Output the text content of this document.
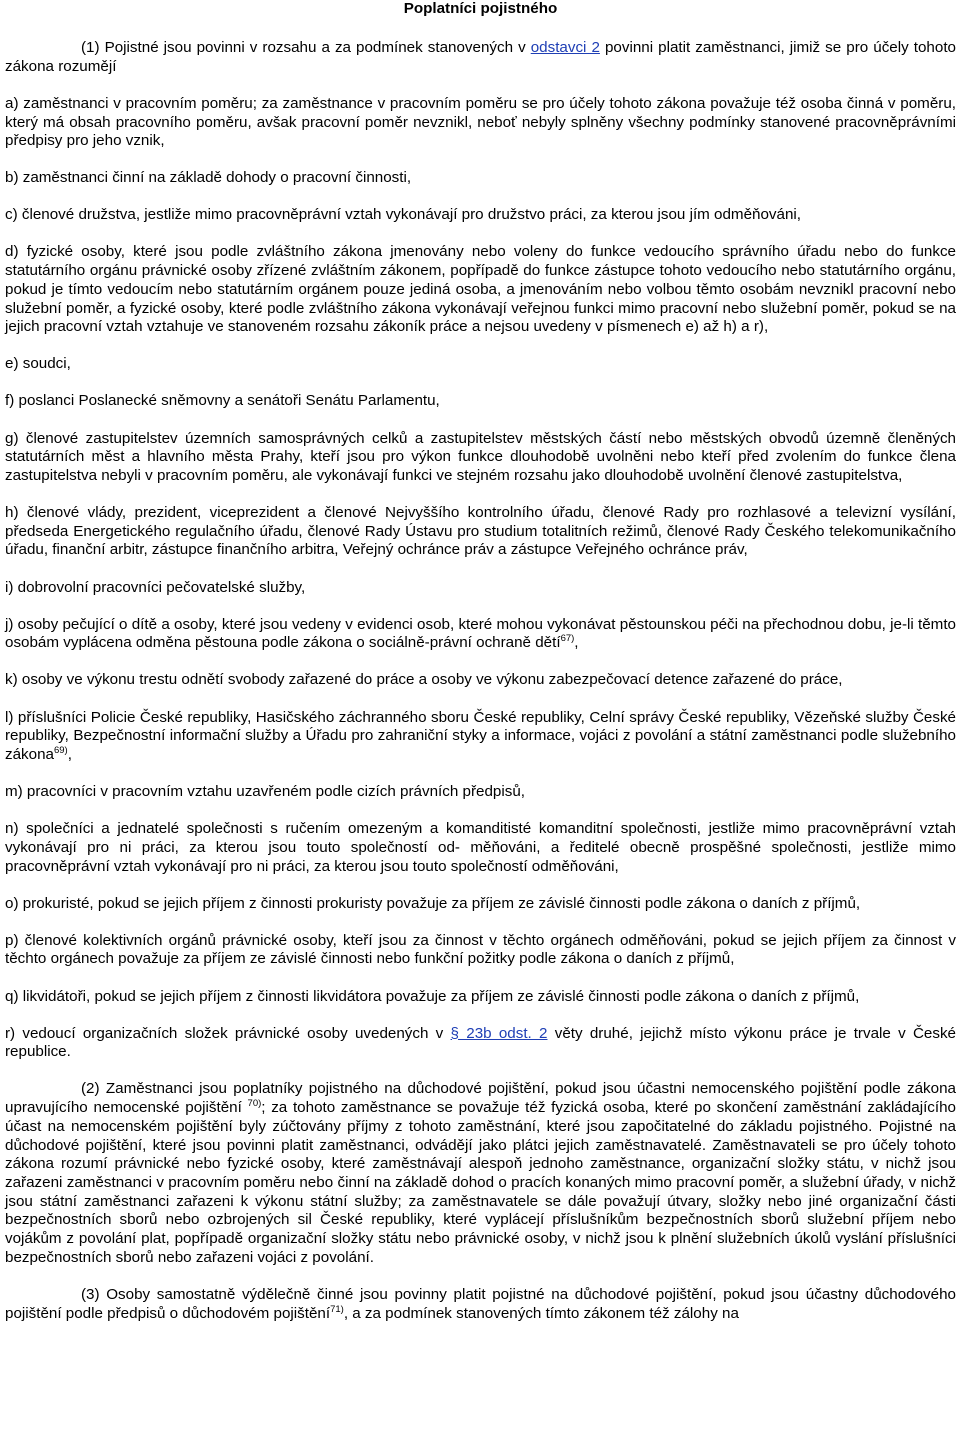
Poplatníci pojistného

(1) Pojistné jsou povinni v rozsahu a za podmínek stanovených v odstavci 2 povinni platit zaměstnanci, jimiž se pro účely tohoto zákona rozumějí

a) zaměstnanci v pracovním poměru; za zaměstnance v pracovním poměru se pro účely tohoto zákona považuje též osoba činná v poměru, který má obsah pracovního poměru, avšak pracovní poměr nevznikl, neboť nebyly splněny všechny podmínky stanovené pracovněprávními předpisy pro jeho vznik,

b) zaměstnanci činní na základě dohody o pracovní činnosti,

c) členové družstva, jestliže mimo pracovněprávní vztah vykonávají pro družstvo práci, za kterou jsou jím odměňováni,

d) fyzické osoby, které jsou podle zvláštního zákona jmenovány nebo voleny do funkce vedoucího správního úřadu nebo do funkce statutárního orgánu právnické osoby zřízené zvláštním zákonem, popřípadě do funkce zástupce tohoto vedoucího nebo statutárního orgánu, pokud je tímto vedoucím nebo statutárním orgánem pouze jediná osoba, a jmenováním nebo volbou těmto osobám nevznikl pracovní nebo služební poměr, a fyzické osoby, které podle zvláštního zákona vykonávají veřejnou funkci mimo pracovní nebo služební poměr, pokud se na jejich pracovní vztah vztahuje ve stanoveném rozsahu zákoník práce a nejsou uvedeny v písmenech e) až h) a r),

e) soudci,

f) poslanci Poslanecké sněmovny a senátoři Senátu Parlamentu,

g) členové zastupitelstev územních samosprávných celků a zastupitelstev městských částí nebo městských obvodů územně členěných statutárních měst a hlavního města Prahy, kteří jsou pro výkon funkce dlouhodobě uvolněni nebo kteří před zvolením do funkce člena zastupitelstva nebyli v pracovním poměru, ale vykonávají funkci ve stejném rozsahu jako dlouhodobě uvolnění členové zastupitelstva,

h) členové vlády, prezident, viceprezident a členové Nejvyššího kontrolního úřadu, členové Rady pro rozhlasové a televizní vysílání, předseda Energetického regulačního úřadu, členové Rady Ústavu pro studium totalitních režimů, členové Rady Českého telekomunikačního úřadu, finanční arbitr, zástupce finančního arbitra, Veřejný ochránce práv a zástupce Veřejného ochránce práv,

i) dobrovolní pracovníci pečovatelské služby,

j) osoby pečující o dítě a osoby, které jsou vedeny v evidenci osob, které mohou vykonávat pěstounskou péči na přechodnou dobu, je-li těmto osobám vyplácena odměna pěstouna podle zákona o sociálně-právní ochraně dětí$^{67)}$,

k) osoby ve výkonu trestu odnětí svobody zařazené do práce a osoby ve výkonu zabezpečovací detence zařazené do práce,

l) příslušníci Policie České republiky, Hasičského záchranného sboru České republiky, Celní správy České republiky, Vězeňské služby České republiky, Bezpečnostní informační služby a Úřadu pro zahraniční styky a informace, vojáci z povolání a státní zaměstnanci podle služebního zákona$^{69)}$,

m) pracovníci v pracovním vztahu uzavřeném podle cizích právních předpisů,

n) společníci a jednatelé společnosti s ručením omezeným a komanditisté komanditní společnosti, jestliže mimo pracovněprávní vztah vykonávají pro ni práci, za kterou jsou touto společností od- měňováni, a ředitelé obecně prospěšné společnosti, jestliže mimo pracovněprávní vztah vykonávají pro ni práci, za kterou jsou touto společností odměňováni,

o) prokuristé, pokud se jejich příjem z činnosti prokuristy považuje za příjem ze závislé činnosti podle zákona o daních z příjmů,

p) členové kolektivních orgánů právnické osoby, kteří jsou za činnost v těchto orgánech odměňováni, pokud se jejich příjem za činnost v těchto orgánech považuje za příjem ze závislé činnosti nebo funkční požitky podle zákona o daních z příjmů,

q) likvidátoři, pokud se jejich příjem z činnosti likvidátora považuje za příjem ze závislé činnosti podle zákona o daních z příjmů,

r) vedoucí organizačních složek právnické osoby uvedených v § 23b odst. 2 věty druhé, jejichž místo výkonu práce je trvale v České republice.

(2) Zaměstnanci jsou poplatníky pojistného na důchodové pojištění, pokud jsou účastni nemocenského pojištění podle zákona upravujícího nemocenské pojištění $^{70)}$; za tohoto zaměstnance se považuje též fyzická osoba, které po skončení zaměstnání zakládajícího účast na nemocenském pojištění byly zúčtovány příjmy z tohoto zaměstnání, které jsou započitatelné do základu pojistného. Pojistné na důchodové pojištění, které jsou povinni platit zaměstnanci, odvádějí jako plátci jejich zaměstnavatelé. Zaměstnavateli se pro účely tohoto zákona rozumí právnické nebo fyzické osoby, které zaměstnávají alespoň jednoho zaměstnance, organizační složky státu, v nichž jsou zařazeni zaměstnanci v pracovním poměru nebo činní na základě dohod o pracích konaných mimo pracovní poměr, a služební úřady, v nichž jsou státní zaměstnanci zařazeni k výkonu státní služby; za zaměstnavatele se dále považují útvary, složky nebo jiné organizační části bezpečnostních sborů nebo ozbrojených sil České republiky, které vyplácejí příslušníkům bezpečnostních sborů služební příjem nebo vojákům z povolání plat, popřípadě organizační složky státu nebo právnické osoby, v nichž jsou k plnění služebních úkolů vyslání příslušníci bezpečnostních sborů nebo zařazeni vojáci z povolání.

(3) Osoby samostatně výdělečně činné jsou povinny platit pojistné na důchodové pojištění, pokud jsou účastny důchodového pojištění podle předpisů o důchodovém pojištění$^{71)}$, a za podmínek stanovených tímto zákonem též zálohy na
